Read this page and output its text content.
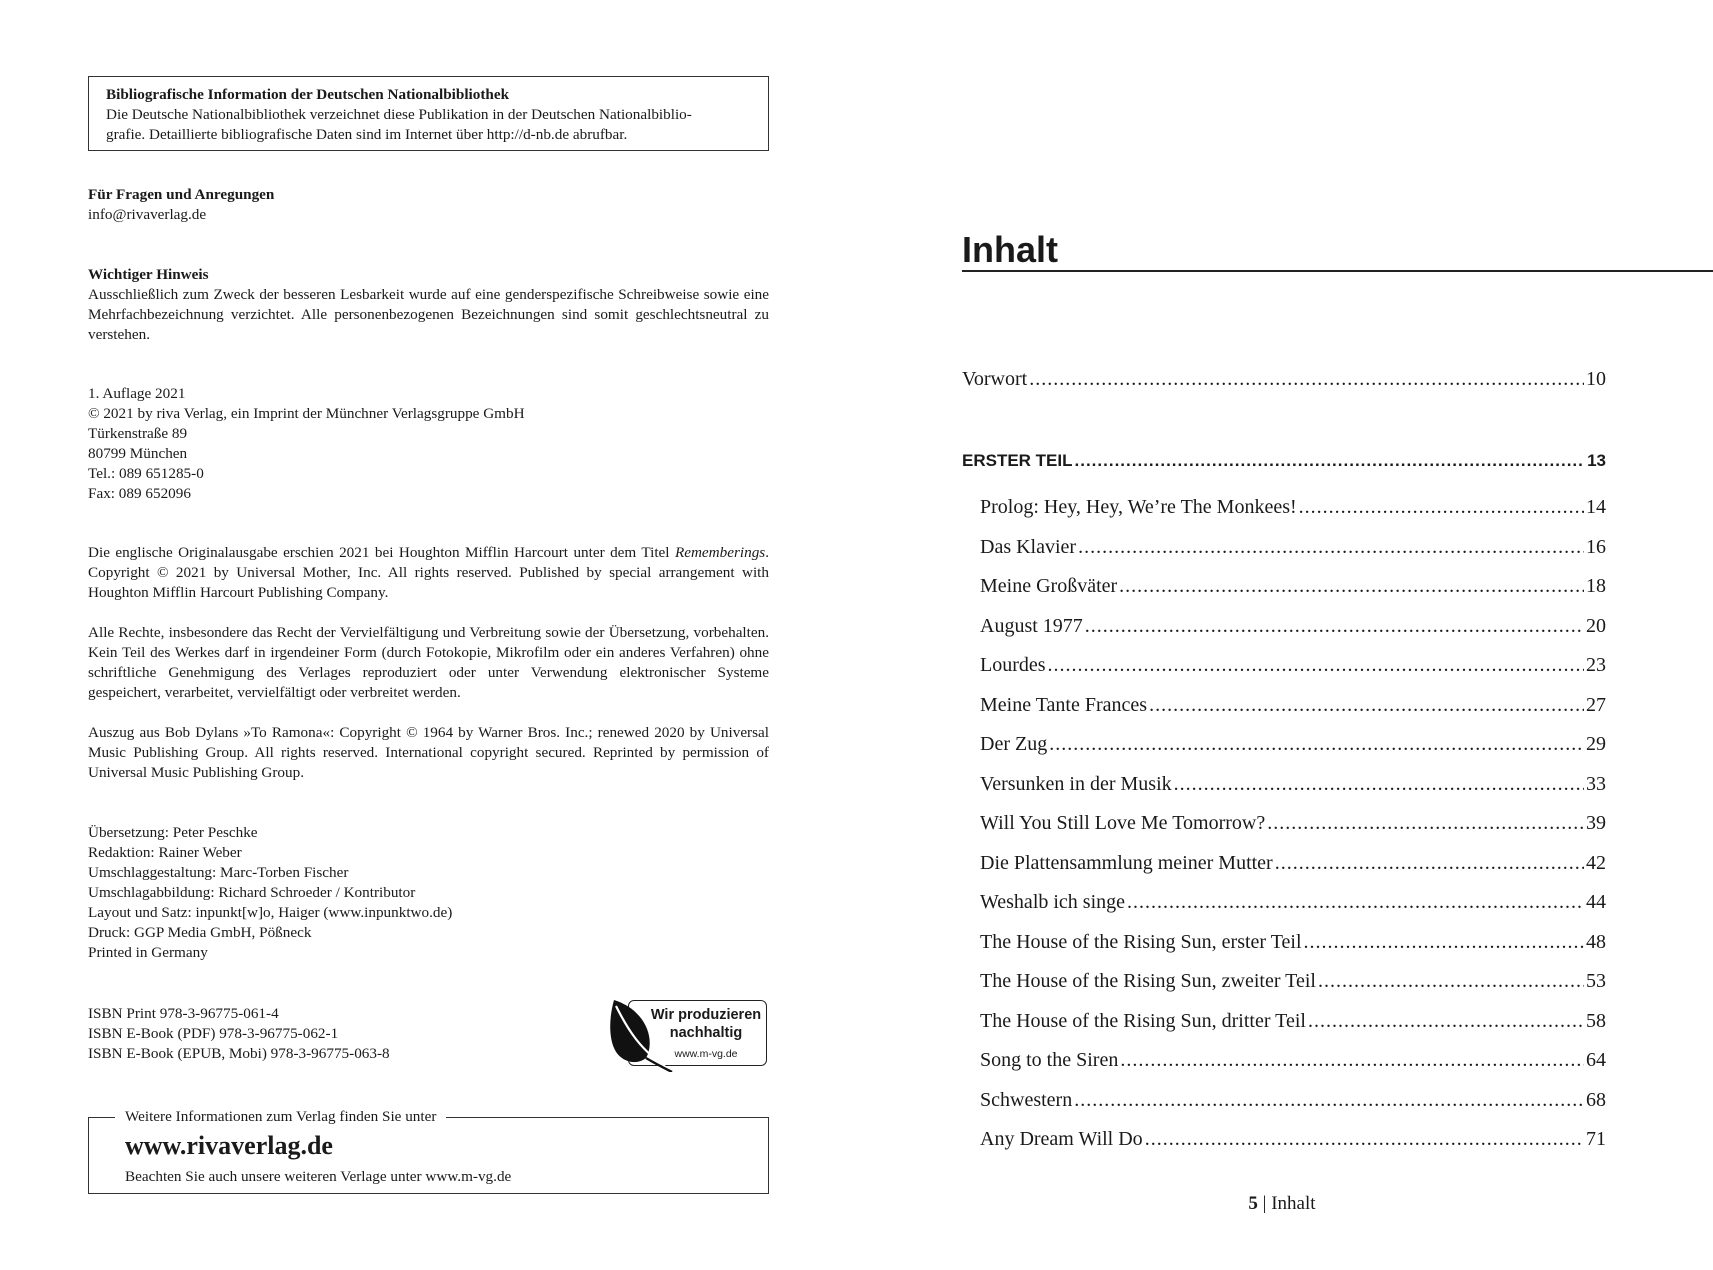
Bibliografische Information der Deutschen Nationalbibliothek
Die Deutsche Nationalbibliothek verzeichnet diese Publikation in der Deutschen Nationalbiblio-
grafie. Detaillierte bibliografische Daten sind im Internet über http://d-nb.de abrufbar.
Für Fragen und Anregungen
info@rivaverlag.de
Wichtiger Hinweis
Ausschließlich zum Zweck der besseren Lesbarkeit wurde auf eine genderspezifische Schreibweise sowie eine Mehrfachbezeichnung verzichtet. Alle personenbezogenen Bezeichnungen sind somit geschlechtsneutral zu verstehen.
1. Auflage 2021
© 2021 by riva Verlag, ein Imprint der Münchner Verlagsgruppe GmbH
Türkenstraße 89
80799 München
Tel.: 089 651285-0
Fax: 089 652096
Die englische Originalausgabe erschien 2021 bei Houghton Mifflin Harcourt unter dem Titel Rememberings. Copyright © 2021 by Universal Mother, Inc. All rights reserved. Published by special arrangement with Houghton Mifflin Harcourt Publishing Company.
Alle Rechte, insbesondere das Recht der Vervielfältigung und Verbreitung sowie der Übersetzung, vorbehalten. Kein Teil des Werkes darf in irgendeiner Form (durch Fotokopie, Mikrofilm oder ein anderes Verfahren) ohne schriftliche Genehmigung des Verlages reproduziert oder unter Verwendung elektronischer Systeme gespeichert, verarbeitet, vervielfältigt oder verbreitet werden.
Auszug aus Bob Dylans »To Ramona«: Copyright © 1964 by Warner Bros. Inc.; renewed 2020 by Universal Music Publishing Group. All rights reserved. International copyright secured. Reprinted by permission of Universal Music Publishing Group.
Übersetzung: Peter Peschke
Redaktion: Rainer Weber
Umschlaggestaltung: Marc-Torben Fischer
Umschlagabbildung: Richard Schroeder / Kontributor
Layout und Satz: inpunkt[w]o, Haiger (www.inpunktwo.de)
Druck: GGP Media GmbH, Pößneck
Printed in Germany
ISBN Print 978-3-96775-061-4
ISBN E-Book (PDF) 978-3-96775-062-1
ISBN E-Book (EPUB, Mobi) 978-3-96775-063-8
Wir produzieren
nachhaltig
www.m-vg.de
Weitere Informationen zum Verlag finden Sie unter
www.rivaverlag.de
Beachten Sie auch unsere weiteren Verlage unter www.m-vg.de
Inhalt
Vorwort .....	10
ERSTER TEIL .....	13
Prolog: Hey, Hey, We’re The Monkees! .....	14
Das Klavier .....	16
Meine Großväter .....	18
August 1977 .....	20
Lourdes .....	23
Meine Tante Frances .....	27
Der Zug .....	29
Versunken in der Musik .....	33
Will You Still Love Me Tomorrow? .....	39
Die Plattensammlung meiner Mutter .....	42
Weshalb ich singe .....	44
The House of the Rising Sun, erster Teil .....	48
The House of the Rising Sun, zweiter Teil .....	53
The House of the Rising Sun, dritter Teil .....	58
Song to the Siren .....	64
Schwestern .....	68
Any Dream Will Do .....	71
5 | Inhalt
